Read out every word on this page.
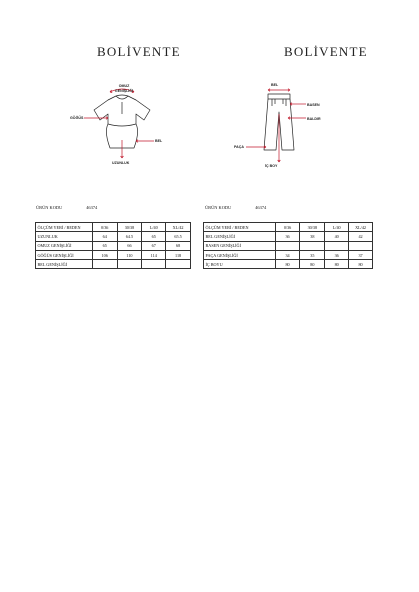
BOLİVENTE	BOLİVENTE
OMUZ GENİŞLİĞİ
GÖĞÜS
BEL
UZUNLUK
BEL
BASEN
BALDIR
PAÇA
İÇ BOY
ÜRÜN KODU	46374	ÜRÜN KODU	46374
ÖLÇÜM YERİ / BEDEN	0/36	30/38	L/40	XL/42
UZUNLUK	64	64.5	65	65.5
OMUZ GENİŞLİĞİ	65	66	67	68
GÖĞÜS GENİŞLİĞİ	106	110	114	118
BEL GENİŞLİĞİ				
ÖLÇÜM YERİ / BEDEN	0/36	30/38	L/40	XL/42
BEL GENİŞLİĞİ	36	38	40	42
BASEN GENİŞLİĞİ				
PAÇA GENİŞLİĞİ	34	35	36	37
İÇ BOYU	80	80	80	80
